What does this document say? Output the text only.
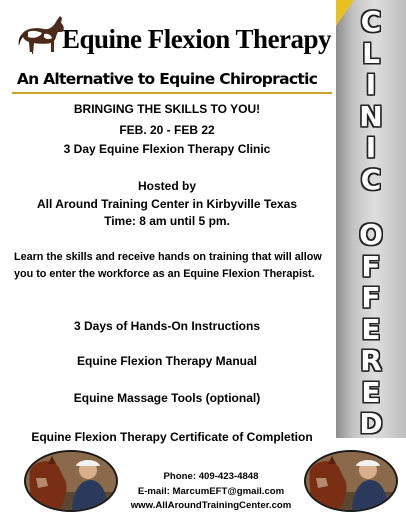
Equine Flexion Therapy
An Alternative to Equine Chiropractic
C
L
I
N
I
C
O
F
F
E
R
E
D
BRINGING THE SKILLS TO YOU!
FEB. 20 - FEB 22
3 Day Equine Flexion Therapy Clinic
Hosted by
All Around Training Center in Kirbyville Texas
Time: 8 am until 5 pm.
Learn the skills and receive hands on training that will allow you to enter the workforce as an Equine Flexion Therapist.
3 Days of Hands-On Instructions
Equine Flexion Therapy Manual
Equine Massage Tools (optional)
Equine Flexion Therapy Certificate of Completion
Phone: 409-423-4848
E-mail: MarcumEFT@gmail.com
www.AllAroundTrainingCenter.com
